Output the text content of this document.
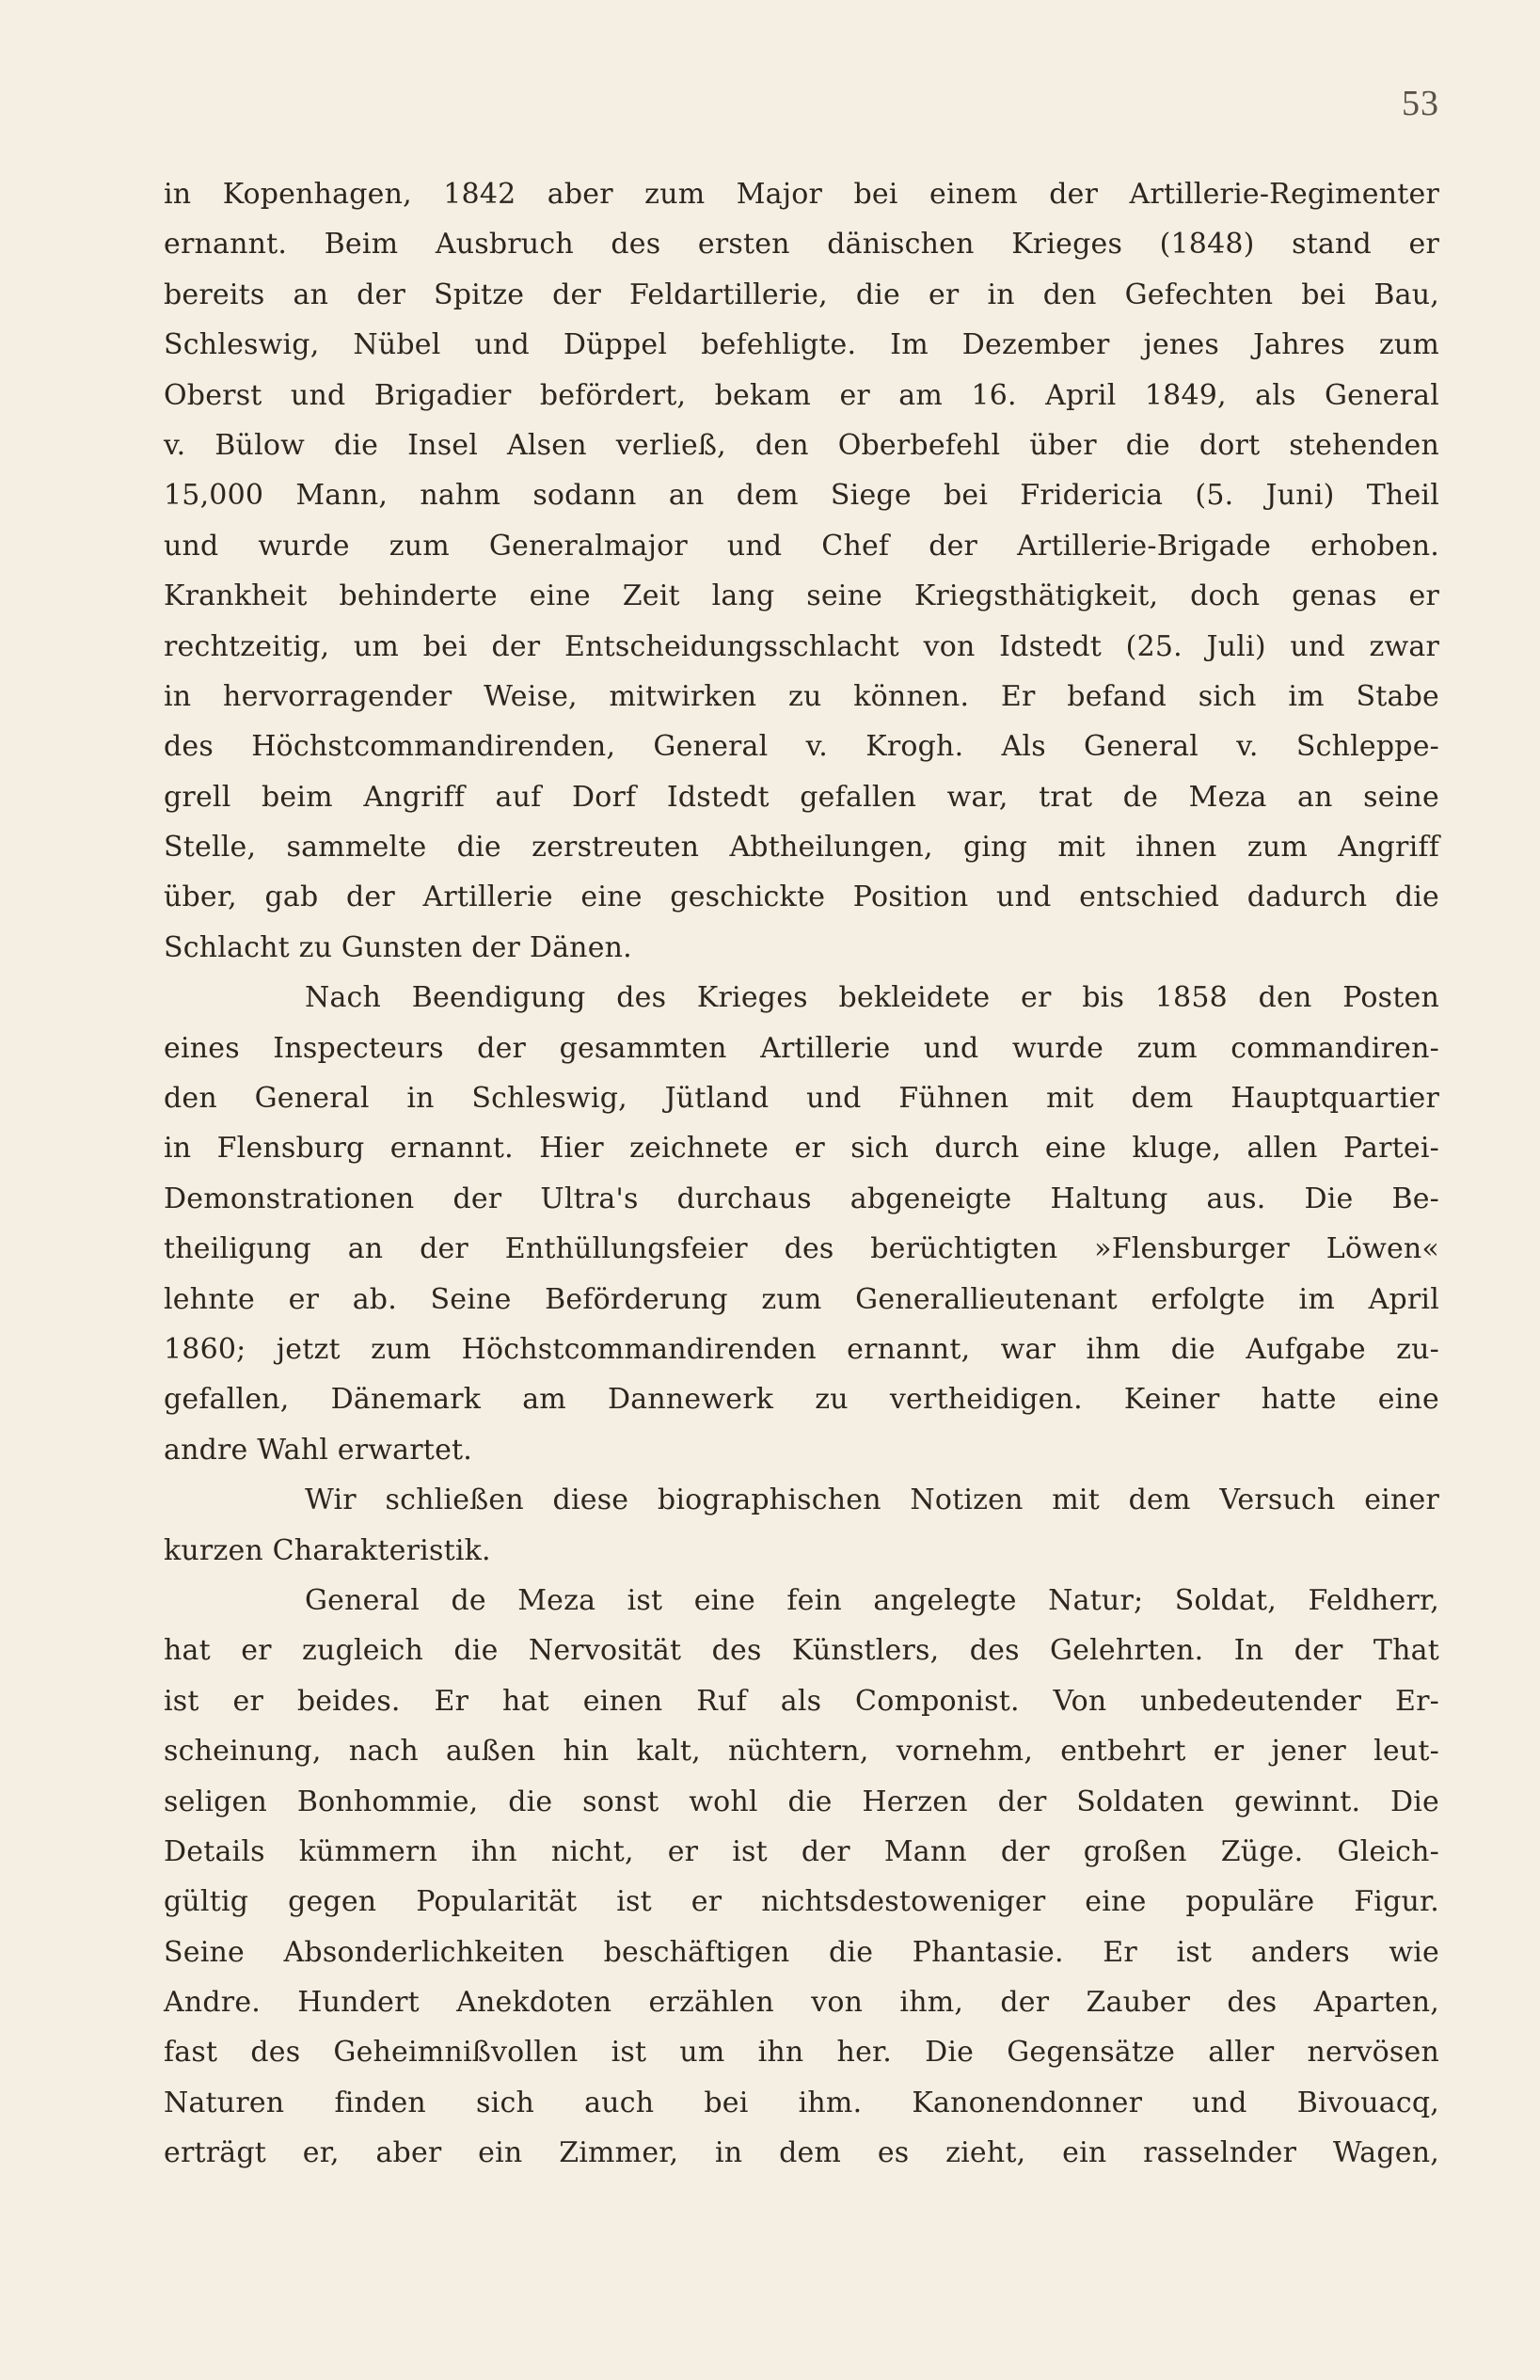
53
in Kopenhagen, 1842 aber zum Major bei einem der Artillerie-Regimenter
ernannt. Beim Ausbruch des ersten dänischen Krieges (1848) stand er
bereits an der Spitze der Feldartillerie, die er in den Gefechten bei Bau,
Schleswig, Nübel und Düppel befehligte. Im Dezember jenes Jahres zum
Oberst und Brigadier befördert, bekam er am 16. April 1849, als General
v. Bülow die Insel Alsen verließ, den Oberbefehl über die dort stehenden
15,000 Mann, nahm sodann an dem Siege bei Fridericia (5. Juni) Theil
und wurde zum Generalmajor und Chef der Artillerie-Brigade erhoben.
Krankheit behinderte eine Zeit lang seine Kriegsthätigkeit, doch genas er
rechtzeitig, um bei der Entscheidungsschlacht von Idstedt (25. Juli) und zwar
in hervorragender Weise, mitwirken zu können. Er befand sich im Stabe
des Höchstcommandirenden, General v. Krogh. Als General v. Schleppe-
grell beim Angriff auf Dorf Idstedt gefallen war, trat de Meza an seine
Stelle, sammelte die zerstreuten Abtheilungen, ging mit ihnen zum Angriff
über, gab der Artillerie eine geschickte Position und entschied dadurch die
Schlacht zu Gunsten der Dänen.
Nach Beendigung des Krieges bekleidete er bis 1858 den Posten
eines Inspecteurs der gesammten Artillerie und wurde zum commandiren-
den General in Schleswig, Jütland und Fühnen mit dem Hauptquartier
in Flensburg ernannt. Hier zeichnete er sich durch eine kluge, allen Partei-
Demonstrationen der Ultra's durchaus abgeneigte Haltung aus. Die Be-
theiligung an der Enthüllungsfeier des berüchtigten »Flensburger Löwen«
lehnte er ab. Seine Beförderung zum Generallieutenant erfolgte im April
1860; jetzt zum Höchstcommandirenden ernannt, war ihm die Aufgabe zu-
gefallen, Dänemark am Dannewerk zu vertheidigen. Keiner hatte eine
andre Wahl erwartet.
Wir schließen diese biographischen Notizen mit dem Versuch einer
kurzen Charakteristik.
General de Meza ist eine fein angelegte Natur; Soldat, Feldherr,
hat er zugleich die Nervosität des Künstlers, des Gelehrten. In der That
ist er beides. Er hat einen Ruf als Componist. Von unbedeutender Er-
scheinung, nach außen hin kalt, nüchtern, vornehm, entbehrt er jener leut-
seligen Bonhommie, die sonst wohl die Herzen der Soldaten gewinnt. Die
Details kümmern ihn nicht, er ist der Mann der großen Züge. Gleich-
gültig gegen Popularität ist er nichtsdestoweniger eine populäre Figur.
Seine Absonderlichkeiten beschäftigen die Phantasie. Er ist anders wie
Andre. Hundert Anekdoten erzählen von ihm, der Zauber des Aparten,
fast des Geheimnißvollen ist um ihn her. Die Gegensätze aller nervösen
Naturen finden sich auch bei ihm. Kanonendonner und Bivouacq,
erträgt er, aber ein Zimmer, in dem es zieht, ein rasselnder Wagen,
